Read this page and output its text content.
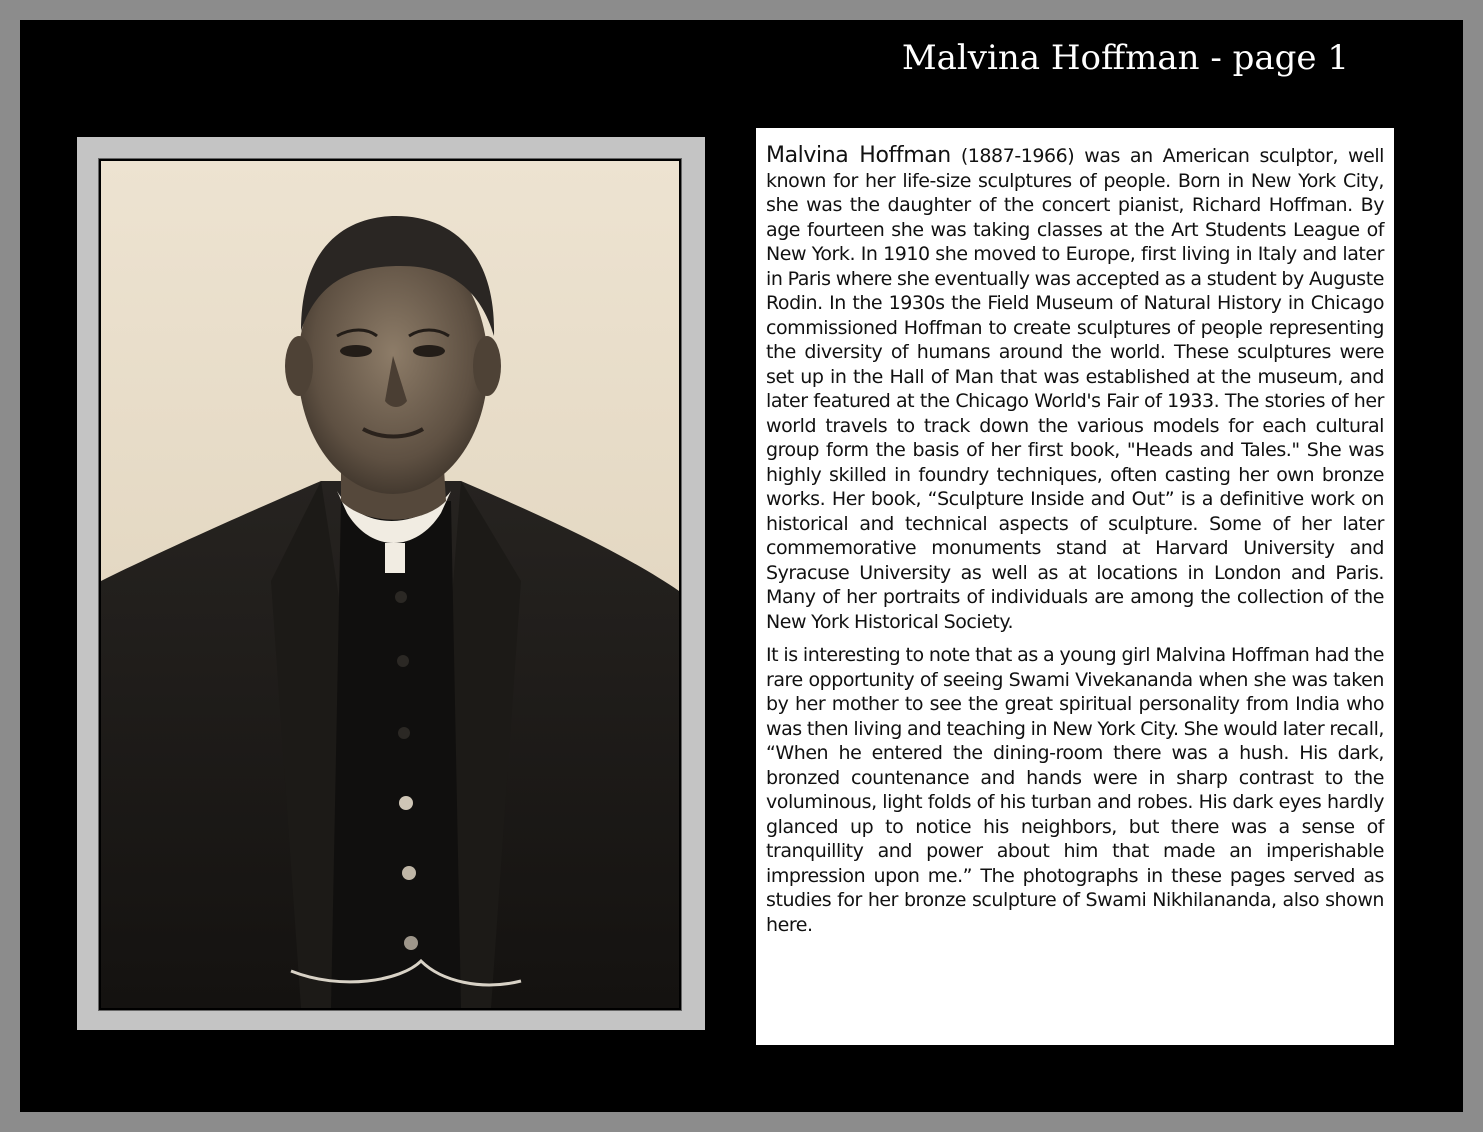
Malvina Hoffman - page 1

Malvina Hoffman (1887-1966) was an American sculptor, well known for her life-size sculptures of people. Born in New York City, she was the daughter of the concert pianist, Richard Hoffman. By age fourteen she was taking classes at the Art Students League of New York. In 1910 she moved to Europe, first living in Italy and later in Paris where she eventually was accepted as a student by Auguste Rodin. In the 1930s the Field Museum of Natural History in Chicago commissioned Hoffman to create sculptures of people representing the diversity of humans around the world. These sculptures were set up in the Hall of Man that was established at the museum, and later featured at the Chicago World's Fair of 1933. The stories of her world travels to track down the various models for each cultural group form the basis of her first book, "Heads and Tales." She was highly skilled in foundry techniques, often casting her own bronze works. Her book, “Sculpture Inside and Out” is a definitive work on historical and technical aspects of sculpture. Some of her later commemorative monuments stand at Harvard University and Syracuse University as well as at locations in London and Paris. Many of her portraits of individuals are among the collection of the New York Historical Society.

It is interesting to note that as a young girl Malvina Hoffman had the rare opportunity of seeing Swami Vivekananda when she was taken by her mother to see the great spiritual personality from India who was then living and teaching in New York City. She would later recall, “When he entered the dining-room there was a hush. His dark, bronzed countenance and hands were in sharp contrast to the voluminous, light folds of his turban and robes. His dark eyes hardly glanced up to notice his neighbors, but there was a sense of tranquillity and power about him that made an imperishable impression upon me.” The photographs in these pages served as studies for her bronze sculpture of Swami Nikhilananda, also shown here.
